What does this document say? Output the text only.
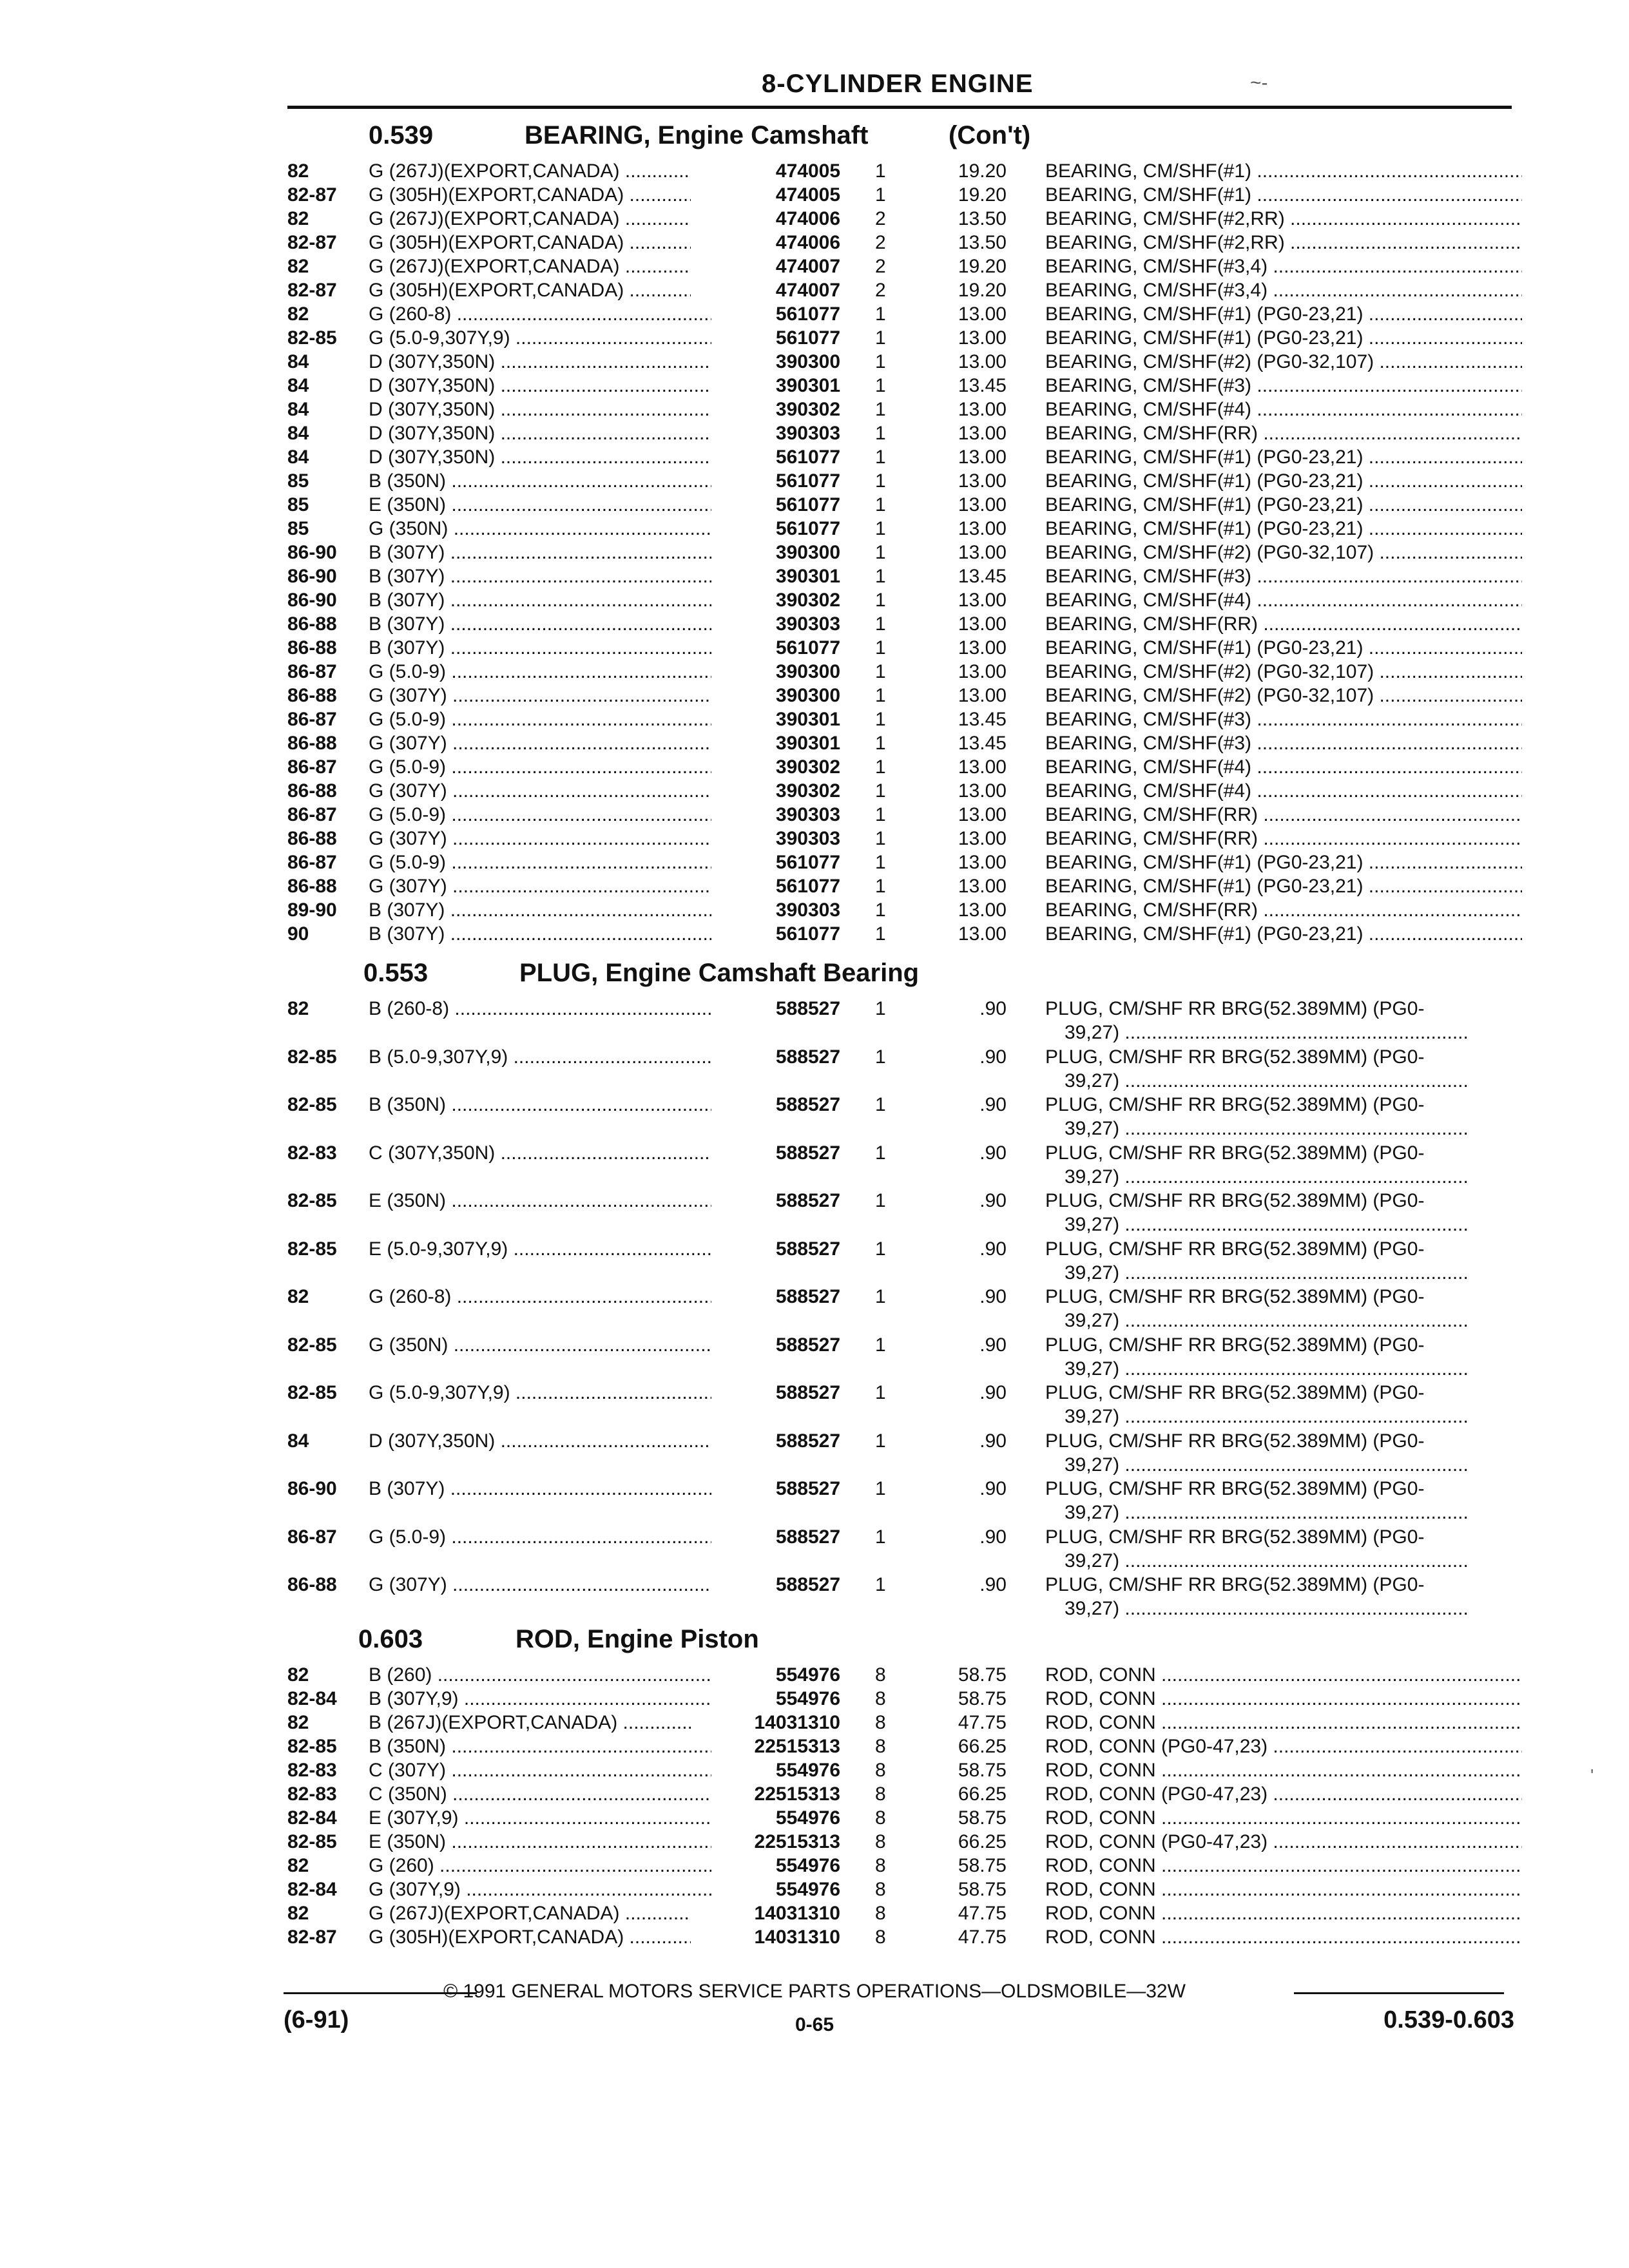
8-CYLINDER ENGINE	~-
0.539	BEARING, Engine Camshaft	(Con't)
82	G (267J)(EXPORT,CANADA) .....	474005 1	19.20 BEARING, CM/SHF(#1) .....
82-87 G (305H)(EXPORT,CANADA) .....	474005 1	19.20 BEARING, CM/SHF(#1) .....
82	G (267J)(EXPORT,CANADA) .....	474006 2	13.50 BEARING, CM/SHF(#2,RR) .....
82-87 G (305H)(EXPORT,CANADA) .....	474006 2	13.50 BEARING, CM/SHF(#2,RR) .....
82	G (267J)(EXPORT,CANADA) .....	474007 2	19.20 BEARING, CM/SHF(#3,4) .....
82-87 G (305H)(EXPORT,CANADA) .....	474007 2	19.20 BEARING, CM/SHF(#3,4) .....
82	G (260-8) .....	561077 1	13.00 BEARING, CM/SHF(#1) (PG0-23,21) .....
82-85 G (5.0-9,307Y,9) .....	561077 1	13.00 BEARING, CM/SHF(#1) (PG0-23,21) .....
84	D (307Y,350N) .....	390300 1	13.00 BEARING, CM/SHF(#2) (PG0-32,107) .....
84	D (307Y,350N) .....	390301 1	13.45 BEARING, CM/SHF(#3) .....
84	D (307Y,350N) .....	390302 1	13.00 BEARING, CM/SHF(#4) .....
84	D (307Y,350N) .....	390303 1	13.00 BEARING, CM/SHF(RR) .....
84	D (307Y,350N) .....	561077 1	13.00 BEARING, CM/SHF(#1) (PG0-23,21) .....
85	B (350N) .....	561077 1	13.00 BEARING, CM/SHF(#1) (PG0-23,21) .....
85	E (350N) .....	561077 1	13.00 BEARING, CM/SHF(#1) (PG0-23,21) .....
85	G (350N) .....	561077 1	13.00 BEARING, CM/SHF(#1) (PG0-23,21) .....
86-90 B (307Y) .....	390300 1	13.00 BEARING, CM/SHF(#2) (PG0-32,107) .....
86-90 B (307Y) .....	390301 1	13.45 BEARING, CM/SHF(#3) .....
86-90 B (307Y) .....	390302 1	13.00 BEARING, CM/SHF(#4) .....
86-88 B (307Y) .....	390303 1	13.00 BEARING, CM/SHF(RR) .....
86-88 B (307Y) .....	561077 1	13.00 BEARING, CM/SHF(#1) (PG0-23,21) .....
86-87 G (5.0-9) .....	390300 1	13.00 BEARING, CM/SHF(#2) (PG0-32,107) .....
86-88 G (307Y) .....	390300 1	13.00 BEARING, CM/SHF(#2) (PG0-32,107) .....
86-87 G (5.0-9) .....	390301 1	13.45 BEARING, CM/SHF(#3) .....
86-88 G (307Y) .....	390301 1	13.45 BEARING, CM/SHF(#3) .....
86-87 G (5.0-9) .....	390302 1	13.00 BEARING, CM/SHF(#4) .....
86-88 G (307Y) .....	390302 1	13.00 BEARING, CM/SHF(#4) .....
86-87 G (5.0-9) .....	390303 1	13.00 BEARING, CM/SHF(RR) .....
86-88 G (307Y) .....	390303 1	13.00 BEARING, CM/SHF(RR) .....
86-87 G (5.0-9) .....	561077 1	13.00 BEARING, CM/SHF(#1) (PG0-23,21) .....
86-88 G (307Y) .....	561077 1	13.00 BEARING, CM/SHF(#1) (PG0-23,21) .....
89-90 B (307Y) .....	390303 1	13.00 BEARING, CM/SHF(RR) .....
90	B (307Y) .....	561077 1	13.00 BEARING, CM/SHF(#1) (PG0-23,21) .....
0.553	PLUG, Engine Camshaft Bearing
82	B (260-8) .....	588527 1	.90 PLUG, CM/SHF RR BRG(52.389MM) (PG0-
39,27) .....
82-85 B (5.0-9,307Y,9) .....	588527 1	.90 PLUG, CM/SHF RR BRG(52.389MM) (PG0-
39,27) .....
82-85 B (350N) .....	588527 1	.90 PLUG, CM/SHF RR BRG(52.389MM) (PG0-
39,27) .....
82-83 C (307Y,350N) .....	588527 1	.90 PLUG, CM/SHF RR BRG(52.389MM) (PG0-
39,27) .....
82-85 E (350N) .....	588527 1	.90 PLUG, CM/SHF RR BRG(52.389MM) (PG0-
39,27) .....
82-85 E (5.0-9,307Y,9) .....	588527 1	.90 PLUG, CM/SHF RR BRG(52.389MM) (PG0-
39,27) .....
82	G (260-8) .....	588527 1	.90 PLUG, CM/SHF RR BRG(52.389MM) (PG0-
39,27) .....
82-85 G (350N) .....	588527 1	.90 PLUG, CM/SHF RR BRG(52.389MM) (PG0-
39,27) .....
82-85 G (5.0-9,307Y,9) .....	588527 1	.90 PLUG, CM/SHF RR BRG(52.389MM) (PG0-
39,27) .....
84	D (307Y,350N) .....	588527 1	.90 PLUG, CM/SHF RR BRG(52.389MM) (PG0-
39,27) .....
86-90 B (307Y) .....	588527 1	.90 PLUG, CM/SHF RR BRG(52.389MM) (PG0-
39,27) .....
86-87 G (5.0-9) .....	588527 1	.90 PLUG, CM/SHF RR BRG(52.389MM) (PG0-
39,27) .....
86-88 G (307Y) .....	588527 1	.90 PLUG, CM/SHF RR BRG(52.389MM) (PG0-
39,27) .....
0.603	ROD, Engine Piston
82	B (260) .....	554976 8	58.75 ROD, CONN .....
82-84 B (307Y,9) .....	554976 8	58.75 ROD, CONN .....
82	B (267J)(EXPORT,CANADA) .....	14031310 8	47.75 ROD, CONN .....
82-85 B (350N) .....	22515313 8	66.25 ROD, CONN (PG0-47,23) .....
82-83 C (307Y) .....	554976 8	58.75 ROD, CONN .....
82-83 C (350N) .....	22515313 8	66.25 ROD, CONN (PG0-47,23) .....
82-84 E (307Y,9) .....	554976 8	58.75 ROD, CONN .....
82-85 E (350N) .....	22515313 8	66.25 ROD, CONN (PG0-47,23) .....
82	G (260) .....	554976 8	58.75 ROD, CONN .....
82-84 G (307Y,9) .....	554976 8	58.75 ROD, CONN .....
82	G (267J)(EXPORT,CANADA) .....	14031310 8	47.75 ROD, CONN .....
82-87 G (305H)(EXPORT,CANADA) .....	14031310 8	47.75 ROD, CONN .....
© 1991 GENERAL MOTORS SERVICE PARTS OPERATIONS—OLDSMOBILE—32W
(6-91)	0-65	0.539-0.603
'
